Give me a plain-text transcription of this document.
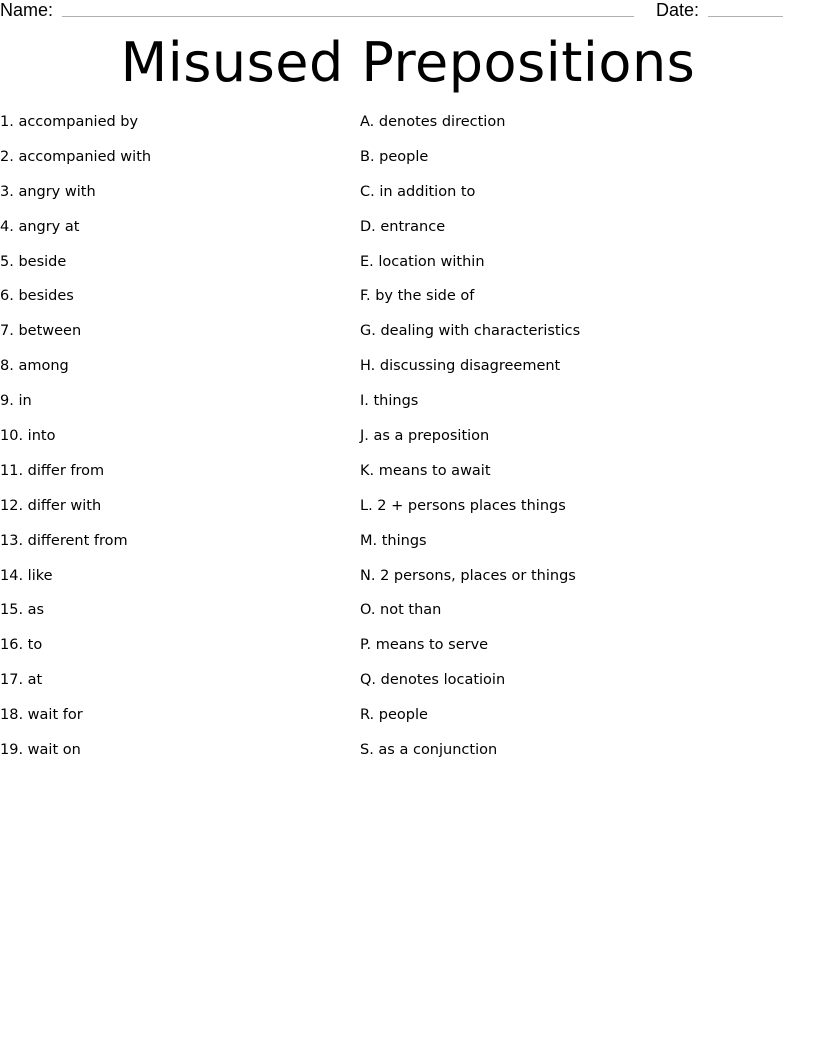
Name:	Date:
Misused Prepositions
1. accompanied by
2. accompanied with
3. angry with
4. angry at
5. beside
6. besides
7. between
8. among
9. in
10. into
11. differ from
12. differ with
13. different from
14. like
15. as
16. to
17. at
18. wait for
19. wait on
A. denotes direction
B. people
C. in addition to
D. entrance
E. location within
F. by the side of
G. dealing with characteristics
H. discussing disagreement
I. things
J. as a preposition
K. means to await
L. 2 + persons places things
M. things
N. 2 persons, places or things
O. not than
P. means to serve
Q. denotes locatioin
R. people
S. as a conjunction
